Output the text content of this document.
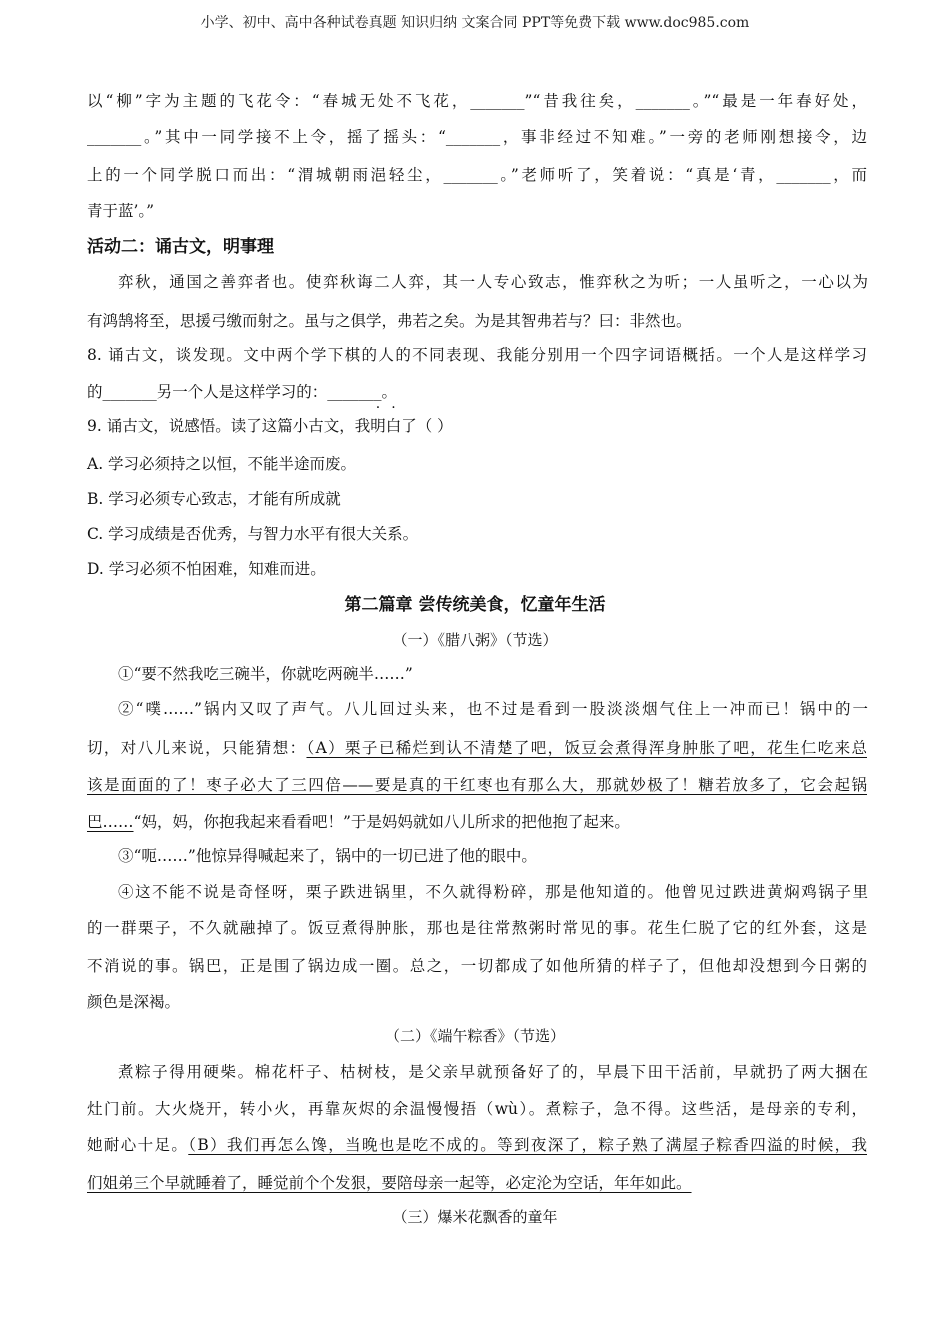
小学、初中、高中各种试卷真题 知识归纳 文案合同 PPT等免费下载 www.doc985.com
以“柳”字为主题的飞花令：“春城无处不飞花，_______”“昔我往矣，_______。”“最是一年春好处，
_______。”其中一同学接不上令，摇了摇头：“_______，事非经过不知难。”一旁的老师刚想接令，边
上的一个同学脱口而出：“渭城朝雨浥轻尘，_______。”老师听了，笑着说：“真是‘青，_______，而
青于蓝’。”
活动二：诵古文，明事理
弈秋，通国之善弈者也。使弈秋诲二人弈，其一人专心致志，惟弈秋之为听；一人虽听之，一心以为
有鸿鹄将至，思援弓缴而射之。虽与之俱学，弗若之矣。为是其智弗若与？曰：非然也。
8. 诵古文，谈发现。文中两个学下棋的人的不同表现、我能分别用一个四字词语概括。一个人是这样学习
的_______另一个人是这样学习的：_______。
9. 诵古文，说感悟。读了这篇小古文，我明白了（ ）
A. 学习必须持之以恒，不能半途而废。
B. 学习必须专心致志，才能有所成就
C. 学习成绩是否优秀，与智力水平有很大关系。
D. 学习必须不怕困难，知难而进。
第二篇章 尝传统美食，忆童年生活
（一）《腊八粥》（节选）
①“要不然我吃三碗半，你就吃两碗半……”
②“噗……”锅内又叹了声气。八儿回过头来，也不过是看到一股淡淡烟气住上一冲而已！锅中的一
切，对八儿来说，只能猜想：（A）栗子已稀烂到认不清楚了吧，饭豆会煮得浑身肿胀了吧，花生仁吃来总
该是面面的了！枣子必大了三四倍——要是真的干红枣也有那么大，那就妙极了！糖若放多了，它会起锅
巴……“妈，妈，你抱我起来看看吧！”于是妈妈就如八儿所求的把他抱了起来。
③“呃……”他惊异得喊起来了，锅中的一切已进了他的眼中。
④这不能不说是奇怪呀，栗子跌进锅里，不久就得粉碎，那是他知道的。他曾见过跌进黄焖鸡锅子里
的一群栗子，不久就融掉了。饭豆煮得肿胀，那也是往常熬粥时常见的事。花生仁脱了它的红外套，这是
不消说的事。锅巴，正是围了锅边成一圈。总之，一切都成了如他所猜的样子了，但他却没想到今日粥的
颜色是深褐。
（二）《端午粽香》（节选）
煮粽子得用硬柴。棉花杆子、枯树枝，是父亲早就预备好了的，早晨下田干活前，早就扔了两大捆在
灶门前。大火烧开，转小火，再靠灰烬的余温慢慢捂（wù）。煮粽子，急不得。这些活，是母亲的专利，
她耐心十足。（B）我们再怎么馋，当晚也是吃不成的。等到夜深了，粽子熟了满屋子粽香四溢的时候，我
们姐弟三个早就睡着了，睡觉前个个发狠，要陪母亲一起等，必定沦为空话，年年如此。
（三）爆米花飘香的童年
